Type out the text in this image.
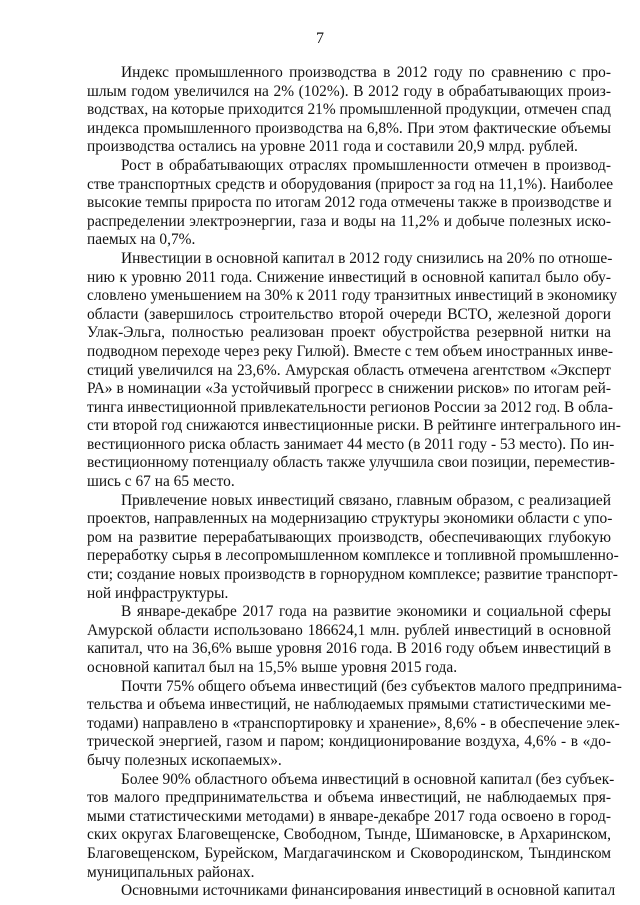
7
Индекс промышленного производства в 2012 году по сравнению с про-
шлым годом увеличился на 2% (102%). В 2012 году в обрабатывающих произ-
водствах, на которые приходится 21% промышленной продукции, отмечен спад
индекса промышленного производства на 6,8%. При этом фактические объемы
производства остались на уровне 2011 года и составили 20,9 млрд. рублей.
Рост в обрабатывающих отраслях промышленности отмечен в производ-
стве транспортных средств и оборудования (прирост за год на 11,1%). Наиболее
высокие темпы прироста по итогам 2012 года отмечены также в производстве и
распределении электроэнергии, газа и воды на 11,2% и добыче полезных иско-
паемых на 0,7%.
Инвестиции в основной капитал в 2012 году снизились на 20% по отноше-
нию к уровню 2011 года. Снижение инвестиций в основной капитал было обу-
словлено уменьшением на 30% к 2011 году транзитных инвестиций в экономику
области (завершилось строительство второй очереди ВСТО, железной дороги
Улак-Эльга, полностью реализован проект обустройства резервной нитки на
подводном переходе через реку Гилюй). Вместе с тем объем иностранных инве-
стиций увеличился на 23,6%. Амурская область отмечена агентством «Эксперт
РА» в номинации «За устойчивый прогресс в снижении рисков» по итогам рей-
тинга инвестиционной привлекательности регионов России за 2012 год. В обла-
сти второй год снижаются инвестиционные риски. В рейтинге интегрального ин-
вестиционного риска область занимает 44 место (в 2011 году - 53 место). По ин-
вестиционному потенциалу область также улучшила свои позиции, переместив-
шись с 67 на 65 место.
Привлечение новых инвестиций связано, главным образом, с реализацией
проектов, направленных на модернизацию структуры экономики области с упо-
ром на развитие перерабатывающих производств, обеспечивающих глубокую
переработку сырья в лесопромышленном комплексе и топливной промышленно-
сти; создание новых производств в горнорудном комплексе; развитие транспорт-
ной инфраструктуры.
В январе-декабре 2017 года на развитие экономики и социальной сферы
Амурской области использовано 186624,1 млн. рублей инвестиций в основной
капитал, что на 36,6% выше уровня 2016 года. В 2016 году объем инвестиций в
основной капитал был на 15,5% выше уровня 2015 года.
Почти 75% общего объема инвестиций (без субъектов малого предпринима-
тельства и объема инвестиций, не наблюдаемых прямыми статистическими ме-
тодами) направлено в «транспортировку и хранение», 8,6% - в обеспечение элек-
трической энергией, газом и паром; кондиционирование воздуха, 4,6% - в «до-
бычу полезных ископаемых».
Более 90% областного объема инвестиций в основной капитал (без субъек-
тов малого предпринимательства и объема инвестиций, не наблюдаемых пря-
мыми статистическими методами) в январе-декабре 2017 года освоено в город-
ских округах Благовещенске, Свободном, Тынде, Шимановске, в Архаринском,
Благовещенском, Бурейском, Магдагачинском и Сковородинском, Тындинском
муниципальных районах.
Основными источниками финансирования инвестиций в основной капитал
